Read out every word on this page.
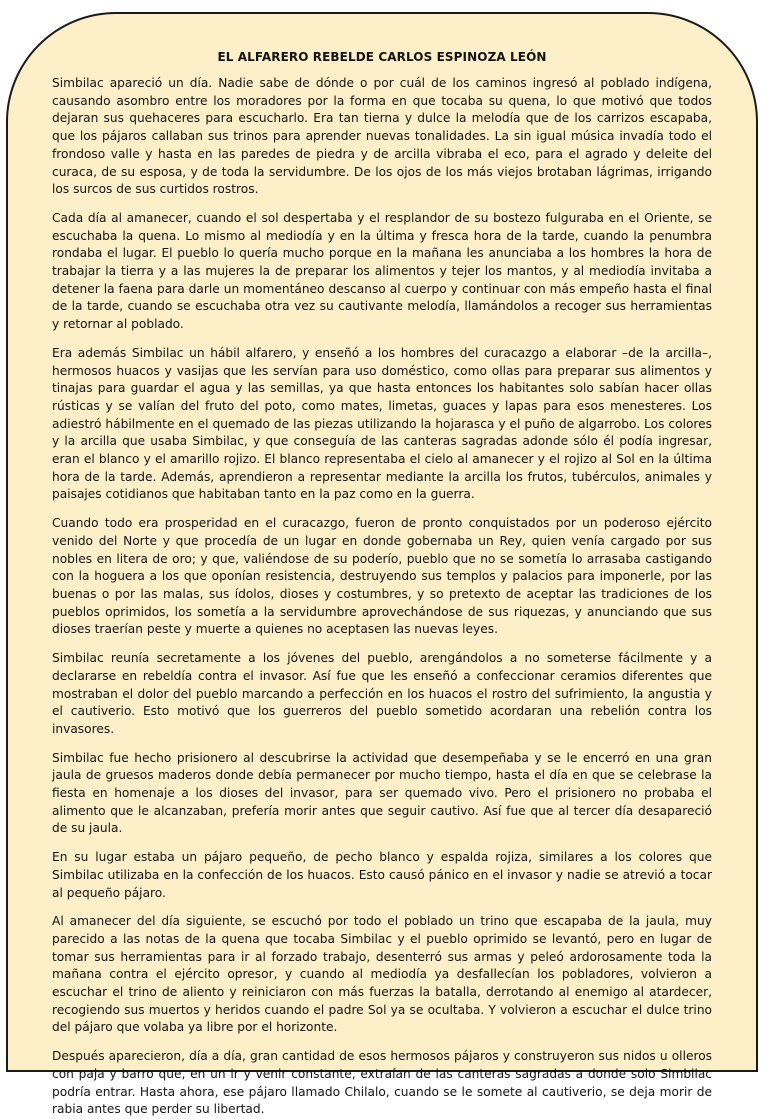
EL ALFARERO REBELDE CARLOS ESPINOZA LEÓN

Simbilac apareció un día. Nadie sabe de dónde o por cuál de los caminos ingresó al poblado indígena, causando asombro entre los moradores por la forma en que tocaba su quena, lo que motivó que todos dejaran sus quehaceres para escucharlo. Era tan tierna y dulce la melodía que de los carrizos escapaba, que los pájaros callaban sus trinos para aprender nuevas tonalidades. La sin igual música invadía todo el frondoso valle y hasta en las paredes de piedra y de arcilla vibraba el eco, para el agrado y deleite del curaca, de su esposa, y de toda la servidumbre. De los ojos de los más viejos brotaban lágrimas, irrigando los surcos de sus curtidos rostros.

Cada día al amanecer, cuando el sol despertaba y el resplandor de su bostezo fulguraba en el Oriente, se escuchaba la quena. Lo mismo al mediodía y en la última y fresca hora de la tarde, cuando la penumbra rondaba el lugar. El pueblo lo quería mucho porque en la mañana les anunciaba a los hombres la hora de trabajar la tierra y a las mujeres la de preparar los alimentos y tejer los mantos, y al mediodía invitaba a detener la faena para darle un momentáneo descanso al cuerpo y continuar con más empeño hasta el final de la tarde, cuando se escuchaba otra vez su cautivante melodía, llamándolos a recoger sus herramientas y retornar al poblado.

Era además Simbilac un hábil alfarero, y enseñó a los hombres del curacazgo a elaborar –de la arcilla–, hermosos huacos y vasijas que les servían para uso doméstico, como ollas para preparar sus alimentos y tinajas para guardar el agua y las semillas, ya que hasta entonces los habitantes solo sabían hacer ollas rústicas y se valían del fruto del poto, como mates, limetas, guaces y lapas para esos menesteres. Los adiestró hábilmente en el quemado de las piezas utilizando la hojarasca y el puño de algarrobo. Los colores y la arcilla que usaba Simbilac, y que conseguía de las canteras sagradas adonde sólo él podía ingresar, eran el blanco y el amarillo rojizo. El blanco representaba el cielo al amanecer y el rojizo al Sol en la última hora de la tarde. Además, aprendieron a representar mediante la arcilla los frutos, tubérculos, animales y paisajes cotidianos que habitaban tanto en la paz como en la guerra.

Cuando todo era prosperidad en el curacazgo, fueron de pronto conquistados por un poderoso ejército venido del Norte y que procedía de un lugar en donde gobernaba un Rey, quien venía cargado por sus nobles en litera de oro; y que, valiéndose de su poderío, pueblo que no se sometía lo arrasaba castigando con la hoguera a los que oponían resistencia, destruyendo sus templos y palacios para imponerle, por las buenas o por las malas, sus ídolos, dioses y costumbres, y so pretexto de aceptar las tradiciones de los pueblos oprimidos, los sometía a la servidumbre aprovechándose de sus riquezas, y anunciando que sus dioses traerían peste y muerte a quienes no aceptasen las nuevas leyes.

Simbilac reunía secretamente a los jóvenes del pueblo, arengándolos a no someterse fácilmente y a declararse en rebeldía contra el invasor. Así fue que les enseñó a confeccionar ceramios diferentes que mostraban el dolor del pueblo marcando a perfección en los huacos el rostro del sufrimiento, la angustia y el cautiverio. Esto motivó que los guerreros del pueblo sometido acordaran una rebelión contra los invasores.

Simbilac fue hecho prisionero al descubrirse la actividad que desempeñaba y se le encerró en una gran jaula de gruesos maderos donde debía permanecer por mucho tiempo, hasta el día en que se celebrase la fiesta en homenaje a los dioses del invasor, para ser quemado vivo. Pero el prisionero no probaba el alimento que le alcanzaban, prefería morir antes que seguir cautivo. Así fue que al tercer día desapareció de su jaula.

En su lugar estaba un pájaro pequeño, de pecho blanco y espalda rojiza, similares a los colores que Simbilac utilizaba en la confección de los huacos. Esto causó pánico en el invasor y nadie se atrevió a tocar al pequeño pájaro.

Al amanecer del día siguiente, se escuchó por todo el poblado un trino que escapaba de la jaula, muy parecido a las notas de la quena que tocaba Simbilac y el pueblo oprimido se levantó, pero en lugar de tomar sus herramientas para ir al forzado trabajo, desenterró sus armas y peleó ardorosamente toda la mañana contra el ejército opresor, y cuando al mediodía ya desfallecían los pobladores, volvieron a escuchar el trino de aliento y reiniciaron con más fuerzas la batalla, derrotando al enemigo al atardecer, recogiendo sus muertos y heridos cuando el padre Sol ya se ocultaba. Y volvieron a escuchar el dulce trino del pájaro que volaba ya libre por el horizonte.

Después aparecieron, día a día, gran cantidad de esos hermosos pájaros y construyeron sus nidos u olleros con paja y barro que, en un ir y venir constante, extraían de las canteras sagradas a donde solo Simbilac podría entrar. Hasta ahora, ese pájaro llamado Chilalo, cuando se le somete al cautiverio, se deja morir de rabia antes que perder su libertad.
